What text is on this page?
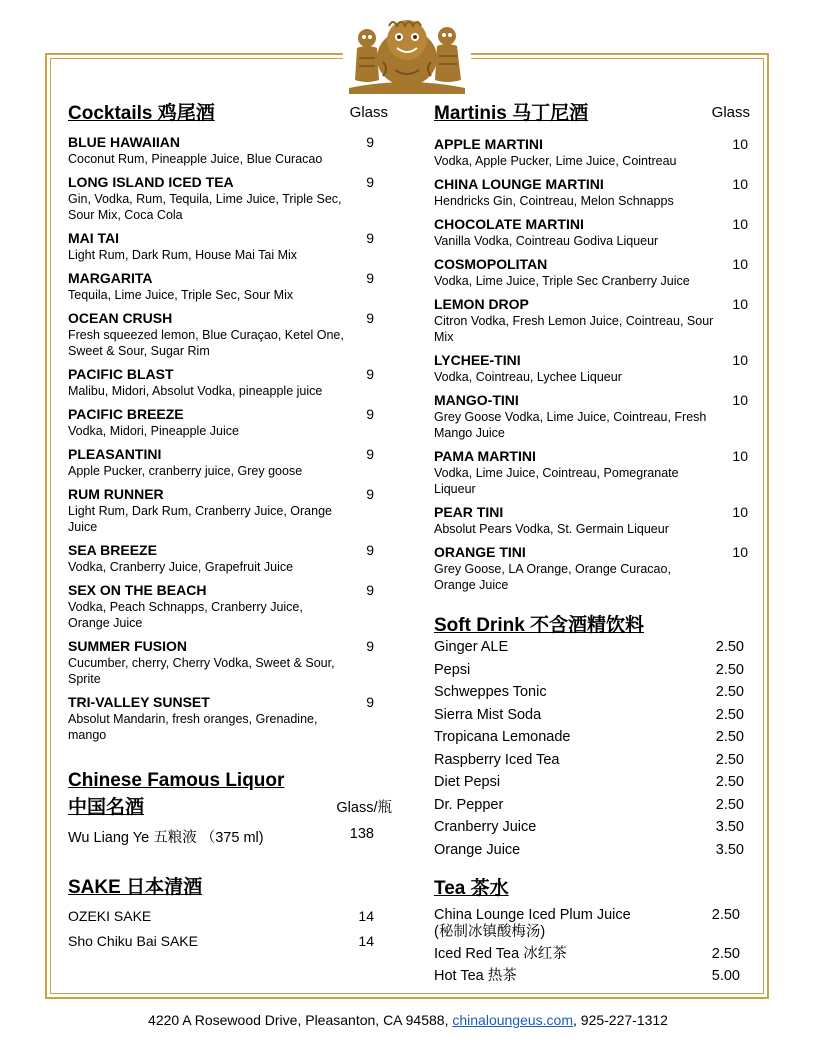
Cocktails 鸡尾酒	Glass
BLUE HAWAIIAN
Coconut Rum, Pineapple Juice, Blue Curacao
9
LONG ISLAND ICED TEA
Gin, Vodka, Rum, Tequila, Lime Juice, Triple Sec, Sour Mix, Coca Cola
9
MAI TAI
Light Rum, Dark Rum, House Mai Tai Mix
9
MARGARITA
Tequila, Lime Juice, Triple Sec, Sour Mix
9
OCEAN CRUSH
Fresh squeezed lemon, Blue Curaçao, Ketel One, Sweet & Sour, Sugar Rim
9
PACIFIC BLAST
Malibu, Midori, Absolut Vodka, pineapple juice
9
PACIFIC BREEZE
Vodka, Midori, Pineapple Juice
9
PLEASANTINI
Apple Pucker, cranberry juice, Grey goose
9
RUM RUNNER
Light Rum, Dark Rum, Cranberry Juice, Orange Juice
9
SEA BREEZE
Vodka, Cranberry Juice, Grapefruit Juice
9
SEX ON THE BEACH
Vodka, Peach Schnapps, Cranberry Juice, Orange Juice
9
SUMMER FUSION
Cucumber, cherry, Cherry Vodka, Sweet & Sour, Sprite
9
TRI-VALLEY SUNSET
Absolut Mandarin, fresh oranges, Grenadine, mango
9
Chinese Famous Liquor
中国名酒	Glass/瓶
Wu Liang Ye 五粮液 （375 ml)	138
SAKE 日本清酒
OZEKI SAKE	14
Sho Chiku Bai SAKE	14
Martinis 马丁尼酒	Glass
APPLE MARTINI
Vodka, Apple Pucker, Lime Juice, Cointreau
10
CHINA LOUNGE MARTINI
Hendricks Gin, Cointreau, Melon Schnapps
10
CHOCOLATE MARTINI
Vanilla Vodka, Cointreau Godiva Liqueur
10
COSMOPOLITAN
Vodka, Lime Juice, Triple Sec Cranberry Juice
10
LEMON DROP
Citron Vodka, Fresh Lemon Juice, Cointreau, Sour Mix
10
LYCHEE-TINI
Vodka, Cointreau, Lychee Liqueur
10
MANGO-TINI
Grey Goose Vodka, Lime Juice, Cointreau, Fresh Mango Juice
10
PAMA MARTINI
Vodka, Lime Juice, Cointreau, Pomegranate Liqueur
10
PEAR TINI
Absolut Pears Vodka, St. Germain Liqueur
10
ORANGE TINI
Grey Goose, LA Orange, Orange Curacao, Orange Juice
10
Soft Drink 不含酒精饮料
Ginger ALE	2.50
Pepsi	2.50
Schweppes Tonic	2.50
Sierra Mist Soda	2.50
Tropicana Lemonade	2.50
Raspberry Iced Tea	2.50
Diet Pepsi	2.50
Dr. Pepper	2.50
Cranberry Juice	3.50
Orange Juice	3.50
Tea 茶水
China Lounge Iced Plum Juice
(秘制冰镇酸梅汤)
2.50
Iced Red Tea 冰红茶	2.50
Hot Tea 热茶	5.00
4220 A Rosewood Drive, Pleasanton, CA 94588, chinaloungeus.com, 925-227-1312
